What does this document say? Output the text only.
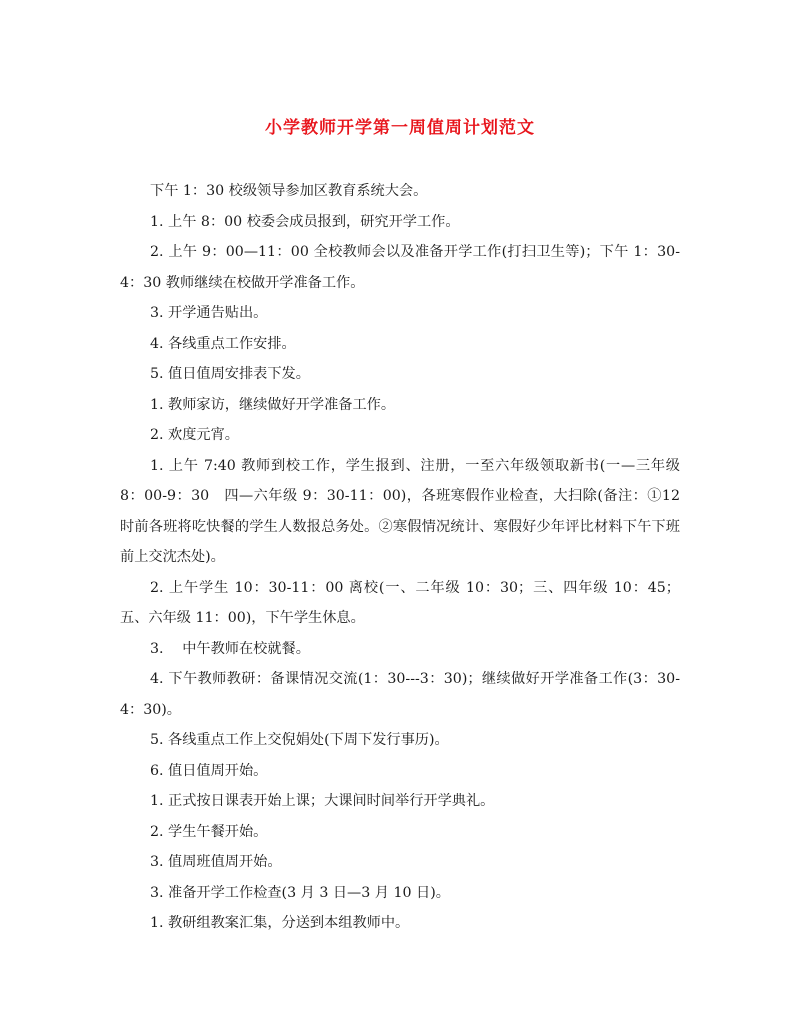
小学教师开学第一周值周计划范文

下午 1：30 校级领导参加区教育系统大会。

1. 上午 8：00 校委会成员报到，研究开学工作。

2. 上午 9：00—11：00 全校教师会以及准备开学工作(打扫卫生等)；下午 1：30-4：30 教师继续在校做开学准备工作。

3. 开学通告贴出。

4. 各线重点工作安排。

5. 值日值周安排表下发。

1. 教师家访，继续做好开学准备工作。

2. 欢度元宵。

1. 上午 7:40 教师到校工作，学生报到、注册，一至六年级领取新书(一—三年级 8：00-9：30　四—六年级 9：30-11：00)，各班寒假作业检查，大扫除(备注：①12 时前各班将吃快餐的学生人数报总务处。②寒假情况统计、寒假好少年评比材料下午下班前上交沈杰处)。

2. 上午学生 10：30-11：00 离校(一、二年级 10：30；三、四年级 10：45；五、六年级 11：00)，下午学生休息。

3.　 中午教师在校就餐。

4. 下午教师教研：备课情况交流(1：30---3：30)；继续做好开学准备工作(3：30-4：30)。

5. 各线重点工作上交倪娟处(下周下发行事历)。

6. 值日值周开始。

1. 正式按日课表开始上课；大课间时间举行开学典礼。

2. 学生午餐开始。

3. 值周班值周开始。

3. 准备开学工作检查(3 月 3 日—3 月 10 日)。

1. 教研组教案汇集，分送到本组教师中。
